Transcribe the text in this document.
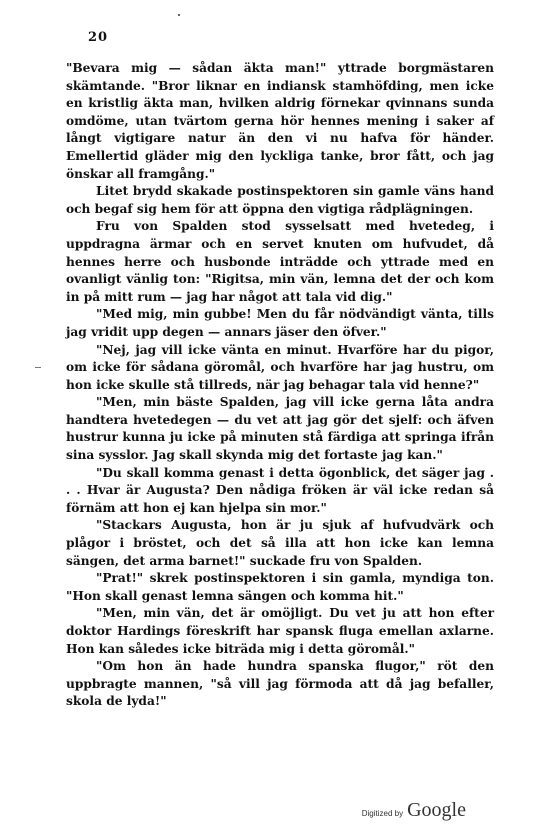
20

"Bevara mig — sådan äkta man!" yttrade borgmästaren skämtande. "Bror liknar en indiansk stamhöfding, men icke en kristlig äkta man, hvilken aldrig förnekar qvinnans sunda omdöme, utan tvärtom gerna hör hennes mening i saker af långt vigtigare natur än den vi nu hafva för händer. Emellertid gläder mig den lyckliga tanke, bror fått, och jag önskar all framgång."

Litet brydd skakade postinspektoren sin gamle väns hand och begaf sig hem för att öppna den vigtiga rådplägningen.

Fru von Spalden stod sysselsatt med hvetedeg, i uppdragna ärmar och en servet knuten om hufvudet, då hennes herre och husbonde inträdde och yttrade med en ovanligt vänlig ton: "Rigitsa, min vän, lemna det der och kom in på mitt rum — jag har något att tala vid dig."

"Med mig, min gubbe! Men du får nödvändigt vänta, tills jag vridit upp degen — annars jäser den öfver."

"Nej, jag vill icke vänta en minut. Hvarföre har du pigor, om icke för sådana göromål, och hvarföre har jag hustru, om hon icke skulle stå tillreds, när jag behagar tala vid henne?"

"Men, min bäste Spalden, jag vill icke gerna låta andra handtera hvetedegen — du vet att jag gör det sjelf: och äfven hustrur kunna ju icke på minuten stå färdiga att springa ifrån sina sysslor. Jag skall skynda mig det fortaste jag kan."

"Du skall komma genast i detta ögonblick, det säger jag . . . Hvar är Augusta? Den nådiga fröken är väl icke redan så förnäm att hon ej kan hjelpa sin mor."

"Stackars Augusta, hon är ju sjuk af hufvudvärk och plågor i bröstet, och det så illa att hon icke kan lemna sängen, det arma barnet!" suckade fru von Spalden.

"Prat!" skrek postinspektoren i sin gamla, myndiga ton. "Hon skall genast lemna sängen och komma hit."

"Men, min vän, det är omöjligt. Du vet ju att hon efter doktor Hardings föreskrift har spansk fluga emellan axlarne. Hon kan således icke biträda mig i detta göromål."

"Om hon än hade hundra spanska flugor," röt den uppbragte mannen, "så vill jag förmoda att då jag befaller, skola de lyda!"

Digitized by Google
